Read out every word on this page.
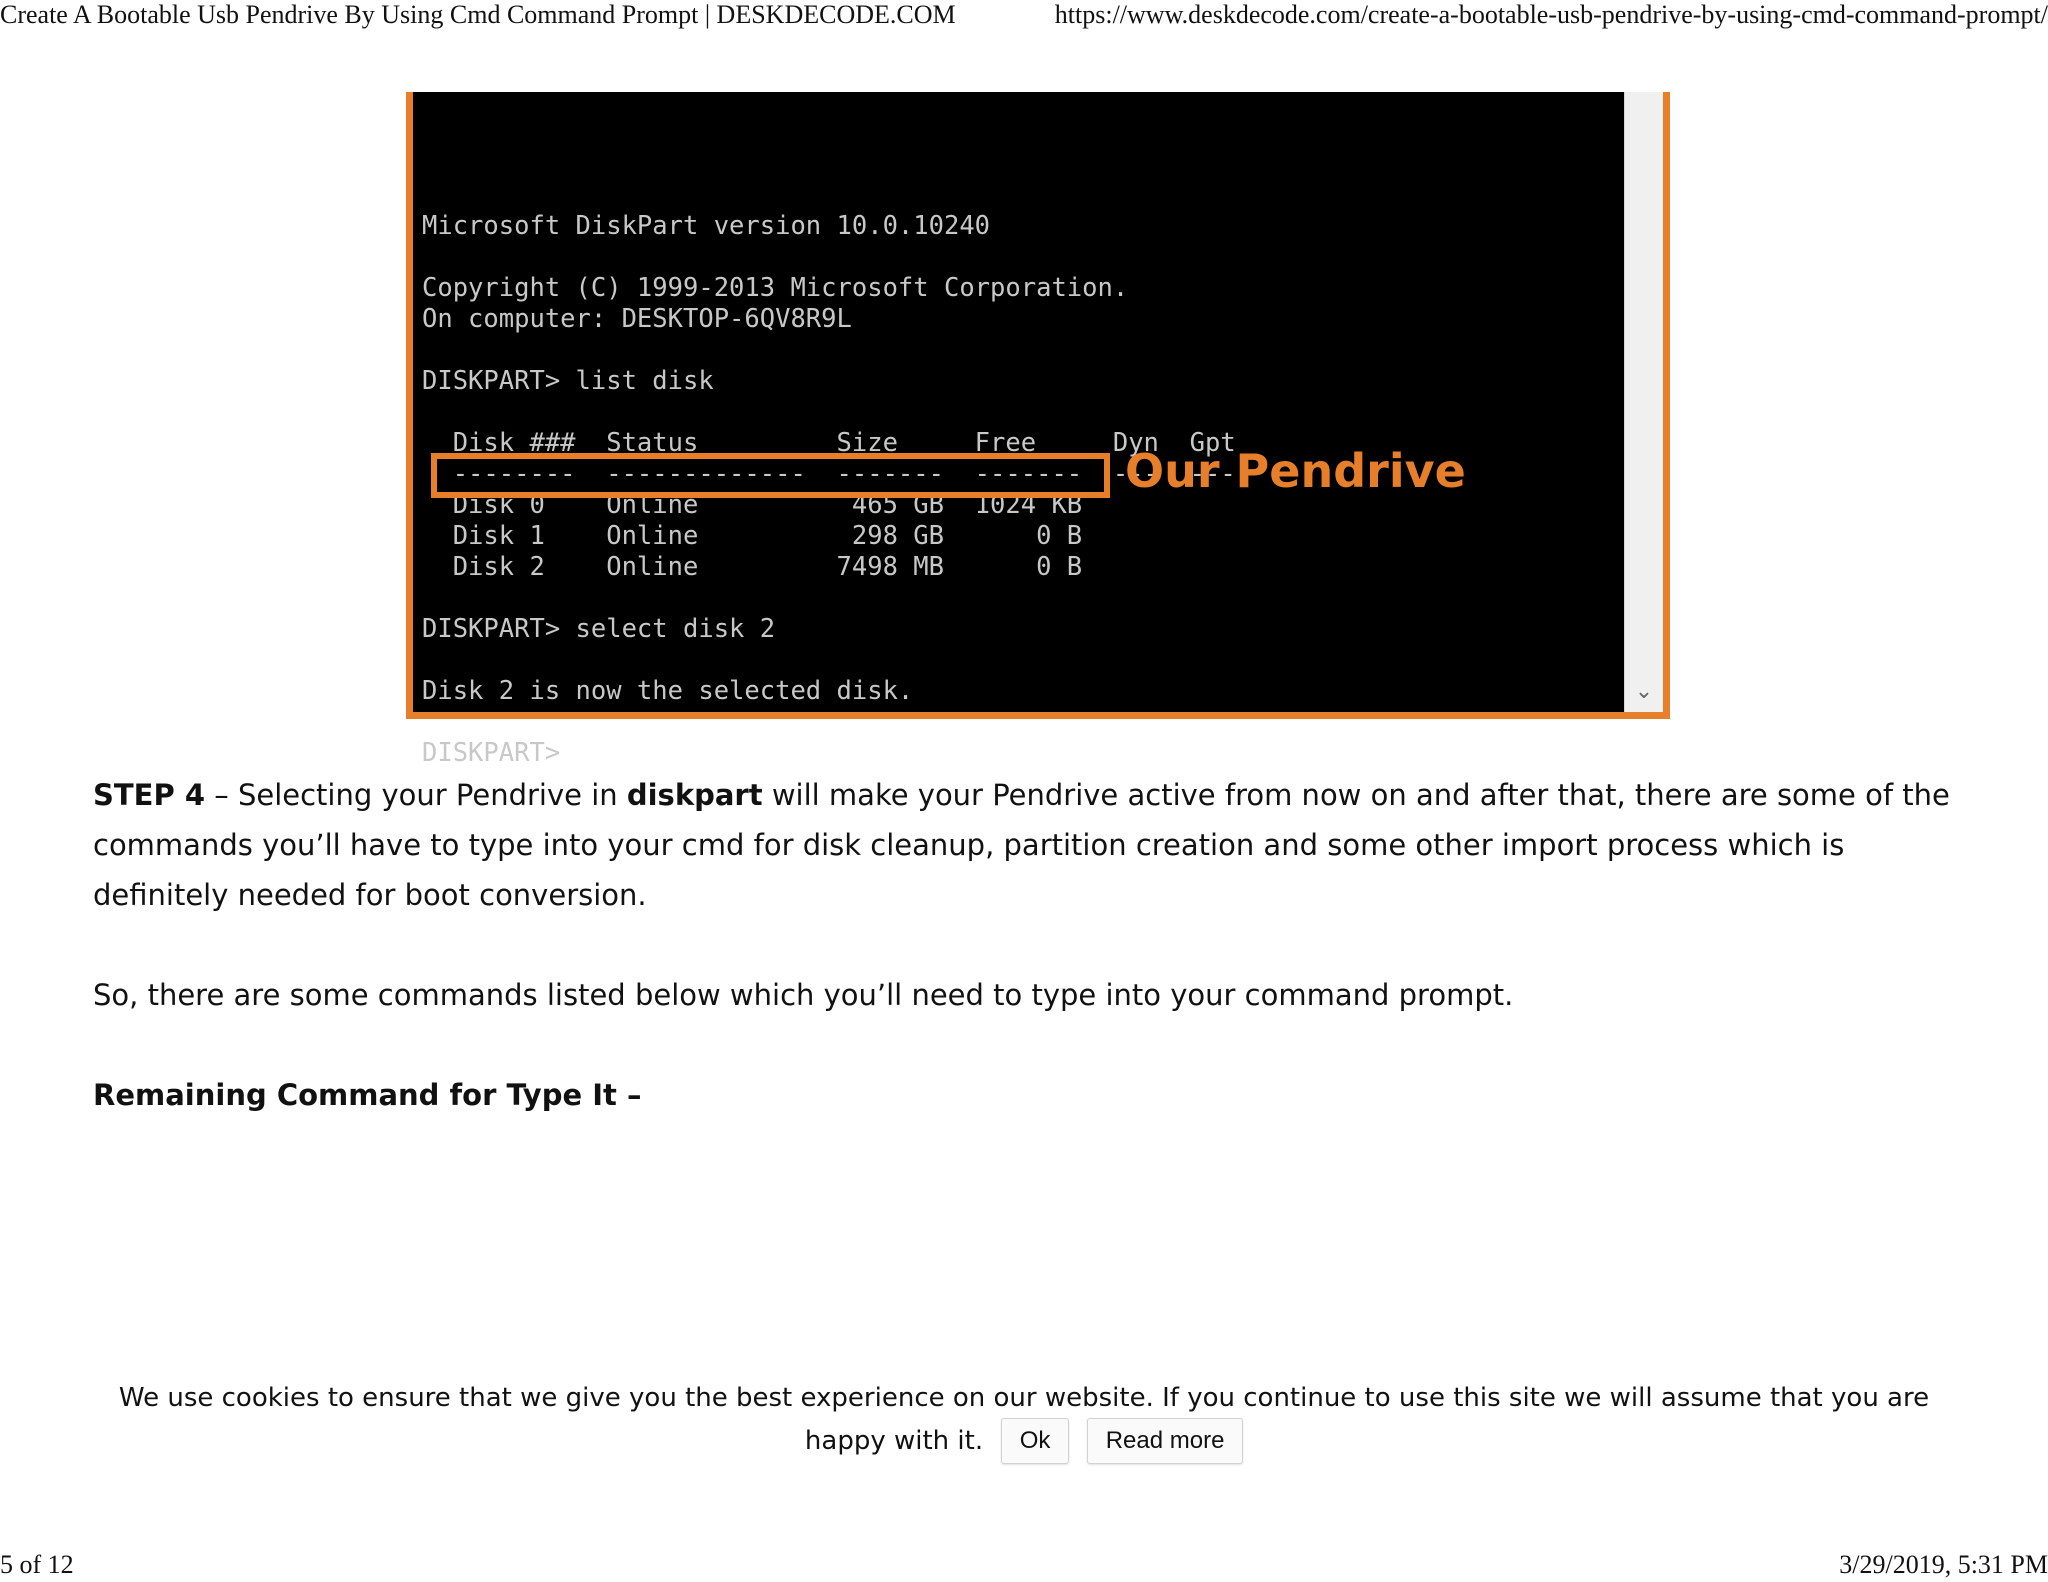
Create A Bootable Usb Pendrive By Using Cmd Command Prompt | DESKDECODE.COM	https://www.deskdecode.com/create-a-bootable-usb-pendrive-by-using-cmd-command-prompt/
Microsoft DiskPart version 10.0.10240
Copyright (C) 1999-2013 Microsoft Corporation.
On computer: DESKTOP-6QV8R9L
DISKPART> list disk
Disk ###  Status         Size     Free     Dyn  Gpt
--------  -------------  -------  -------  ---  ---
Disk 0    Online          465 GB  1024 KB
Disk 1    Online          298 GB      0 B
Disk 2    Online         7498 MB      0 B
DISKPART> select disk 2
Disk 2 is now the selected disk.
DISKPART>
Our Pendrive
⌄
STEP 4 – Selecting your Pendrive in diskpart will make your Pendrive active from now on and after that, there are some of the
commands you’ll have to type into your cmd for disk cleanup, partition creation and some other import process which is
definitely needed for boot conversion.
So, there are some commands listed below which you’ll need to type into your command prompt.
Remaining Command for Type It –
We use cookies to ensure that we give you the best experience on our website. If you continue to use this site we will assume that you are
happy with it.	Ok	Read more
5 of 12	3/29/2019, 5:31 PM
